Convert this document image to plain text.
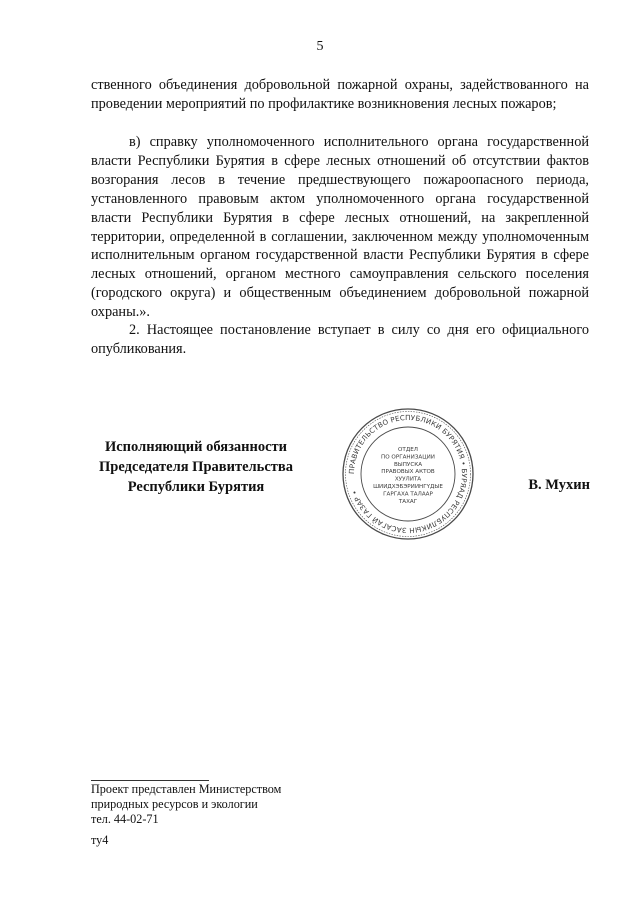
5
ственного объединения добровольной пожарной охраны, задействованного на проведении мероприятий по профилактике возникновения лесных пожаров;
в) справку уполномоченного исполнительного органа государственной власти Республики Бурятия в сфере лесных отношений об отсутствии фактов возгорания лесов в течение предшествующего пожароопасного периода, установленного правовым актом уполномоченного органа государственной власти Республики Бурятия в сфере лесных отношений, на закрепленной территории, определенной в соглашении, заключенном между уполномоченным исполнительным органом государственной власти Республики Бурятия в сфере лесных отношений, органом местного самоуправления сельского поселения (городского округа) и общественным объединением добровольной пожарной охраны.».
2. Настоящее постановление вступает в силу со дня его официального опубликования.
Исполняющий обязанности
Председателя Правительства
Республики Бурятия
ПРАВИТЕЛЬСТВО РЕСПУБЛИКИ БУРЯТИЯ • БУРЯАД РЕСПУБЛИКЫН ЗАСАГАЙ ГАЗАР •
ОТДЕЛ
ПО ОРГАНИЗАЦИИ
ВЫПУСКА
ПРАВОВЫХ АКТОВ
ХУУЛИТА
ШИИДХЭБЭРИИНГҮДЫЕ
ГАРГАХА ТАЛААР
ТАХАГ
В. Мухин
Проект представлен Министерством
природных ресурсов и экологии
тел. 44-02-71
ту4
